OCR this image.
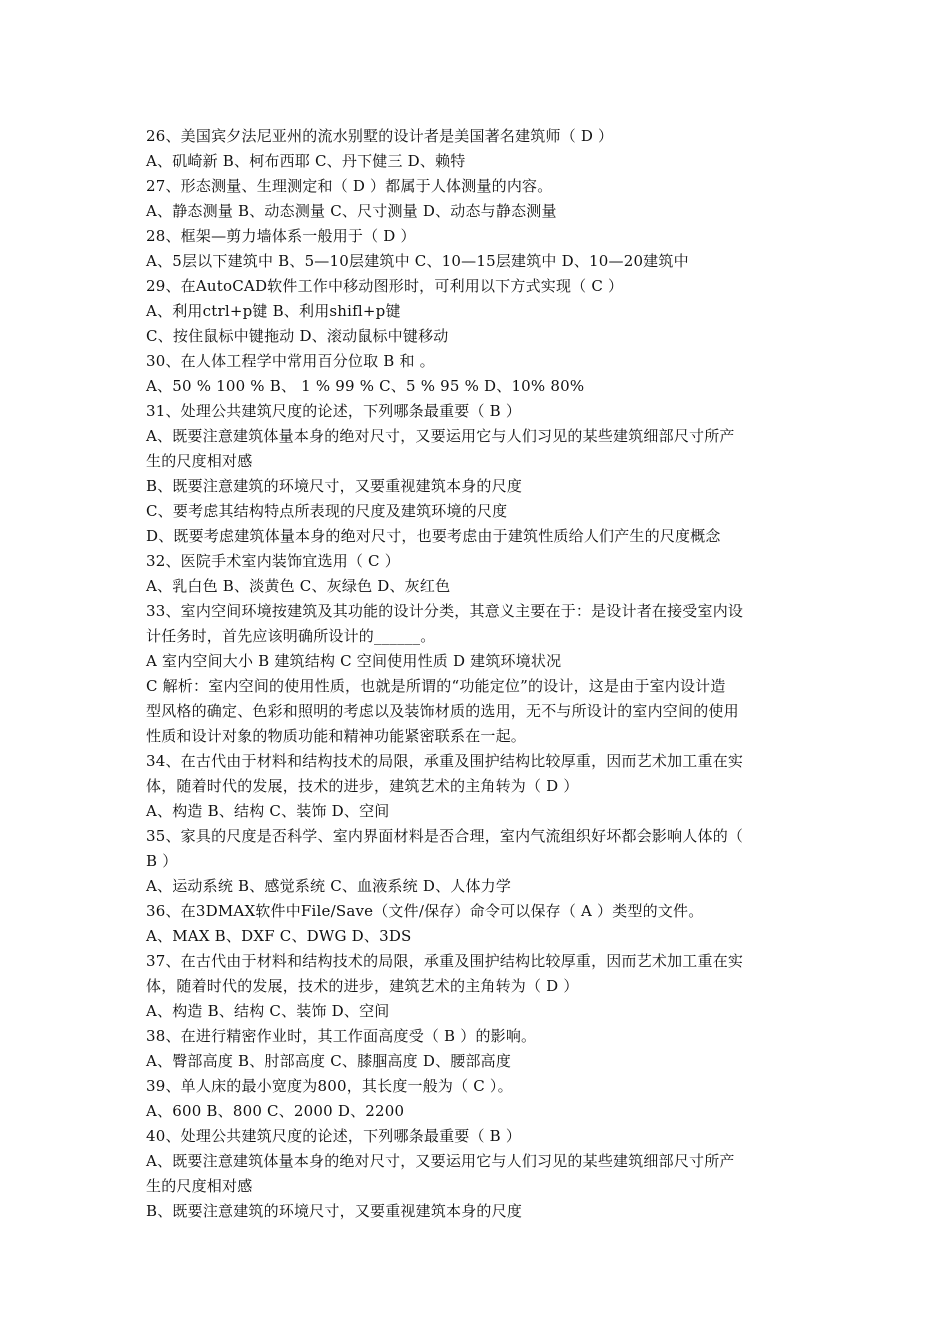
26、美国宾夕法尼亚州的流水别墅的设计者是美国著名建筑师（ D ）
A、矶崎新 B、柯布西耶 C、丹下健三 D、赖特
27、形态测量、生理测定和（ D ）都属于人体测量的内容。
A、静态测量 B、动态测量 C、尺寸测量 D、动态与静态测量
28、框架—剪力墙体系一般用于（ D ）
A、5层以下建筑中 B、5—10层建筑中 C、10—15层建筑中 D、10—20建筑中
29、在AutoCAD软件工作中移动图形时，可利用以下方式实现（ C ）
A、利用ctrl+p键 B、利用shifl+p键
C、按住鼠标中键拖动 D、滚动鼠标中键移动
30、在人体工程学中常用百分位取 B 和 。
A、50 % 100 % B、 1 % 99 % C、5 % 95 % D、10% 80%
31、处理公共建筑尺度的论述，下列哪条最重要（ B ）
A、既要注意建筑体量本身的绝对尺寸，又要运用它与人们习见的某些建筑细部尺寸所产
生的尺度相对感
B、既要注意建筑的环境尺寸，又要重视建筑本身的尺度
C、要考虑其结构特点所表现的尺度及建筑环境的尺度
D、既要考虑建筑体量本身的绝对尺寸，也要考虑由于建筑性质给人们产生的尺度概念
32、医院手术室内装饰宜选用（ C ）
A、乳白色 B、淡黄色 C、灰绿色 D、灰红色
33、室内空间环境按建筑及其功能的设计分类，其意义主要在于：是设计者在接受室内设
计任务时，首先应该明确所设计的______。
A 室内空间大小 B 建筑结构 C 空间使用性质 D 建筑环境状况
C 解析：室内空间的使用性质，也就是所谓的“功能定位”的设计，这是由于室内设计造
型风格的确定、色彩和照明的考虑以及装饰材质的选用，无不与所设计的室内空间的使用
性质和设计对象的物质功能和精神功能紧密联系在一起。
34、在古代由于材料和结构技术的局限，承重及围护结构比较厚重，因而艺术加工重在实
体，随着时代的发展，技术的进步，建筑艺术的主角转为（ D ）
A、构造 B、结构 C、装饰 D、空间
35、家具的尺度是否科学、室内界面材料是否合理，室内气流组织好坏都会影响人体的（
B ）
A、运动系统 B、感觉系统 C、血液系统 D、人体力学
36、在3DMAX软件中File/Save（文件/保存）命令可以保存（ A ）类型的文件。
A、MAX B、DXF C、DWG D、3DS
37、在古代由于材料和结构技术的局限，承重及围护结构比较厚重，因而艺术加工重在实
体，随着时代的发展，技术的进步，建筑艺术的主角转为（ D ）
A、构造 B、结构 C、装饰 D、空间
38、在进行精密作业时，其工作面高度受（ B ）的影响。
A、臀部高度 B、肘部高度 C、膝腘高度 D、腰部高度
39、单人床的最小宽度为800，其长度一般为（ C ）。
A、600 B、800 C、2000 D、2200
40、处理公共建筑尺度的论述，下列哪条最重要（ B ）
A、既要注意建筑体量本身的绝对尺寸，又要运用它与人们习见的某些建筑细部尺寸所产
生的尺度相对感
B、既要注意建筑的环境尺寸，又要重视建筑本身的尺度
